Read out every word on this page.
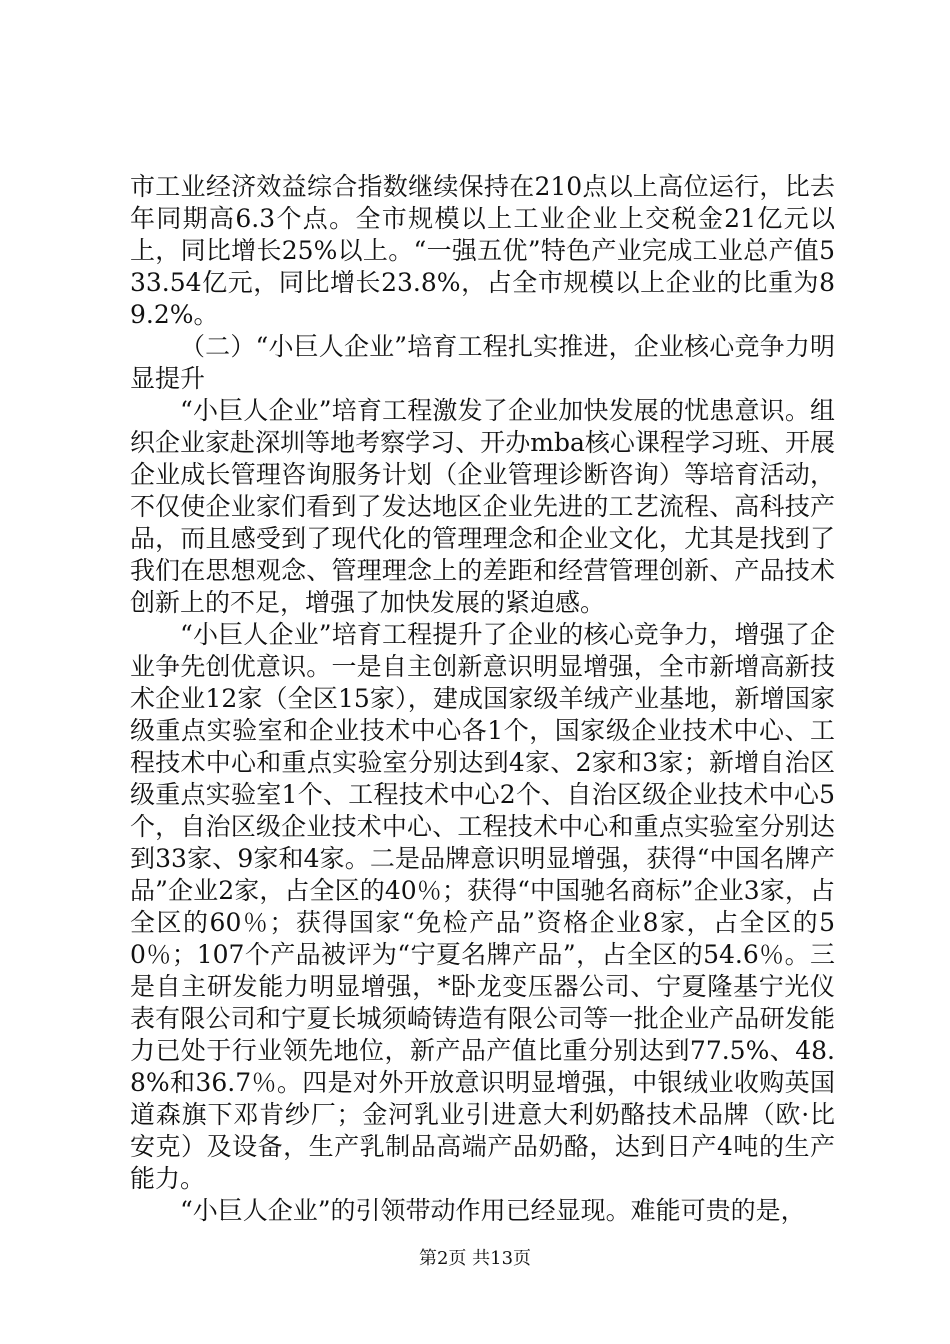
市工业经济效益综合指数继续保持在210点以上高位运行，比去年同期高6.3个点。全市规模以上工业企业上交税金21亿元以上，同比增长25%以上。“一强五优”特色产业完成工业总产值533.54亿元，同比增长23.8%，占全市规模以上企业的比重为89.2%。

（二）“小巨人企业”培育工程扎实推进，企业核心竞争力明显提升

“小巨人企业”培育工程激发了企业加快发展的忧患意识。组织企业家赴深圳等地考察学习、开办mba核心课程学习班、开展企业成长管理咨询服务计划（企业管理诊断咨询）等培育活动，不仅使企业家们看到了发达地区企业先进的工艺流程、高科技产品，而且感受到了现代化的管理理念和企业文化，尤其是找到了我们在思想观念、管理理念上的差距和经营管理创新、产品技术创新上的不足，增强了加快发展的紧迫感。

“小巨人企业”培育工程提升了企业的核心竞争力，增强了企业争先创优意识。一是自主创新意识明显增强，全市新增高新技术企业12家（全区15家），建成国家级羊绒产业基地，新增国家级重点实验室和企业技术中心各1个，国家级企业技术中心、工程技术中心和重点实验室分别达到4家、2家和3家；新增自治区级重点实验室1个、工程技术中心2个、自治区级企业技术中心5个，自治区级企业技术中心、工程技术中心和重点实验室分别达到33家、9家和4家。二是品牌意识明显增强，获得“中国名牌产品”企业2家，占全区的40％；获得“中国驰名商标”企业3家，占全区的60％；获得国家“免检产品”资格企业8家，占全区的50％；107个产品被评为“宁夏名牌产品”，占全区的54.6％。三是自主研发能力明显增强，*卧龙变压器公司、宁夏隆基宁光仪表有限公司和宁夏长城须崎铸造有限公司等一批企业产品研发能力已处于行业领先地位，新产品产值比重分别达到77.5%、48.8%和36.7％。四是对外开放意识明显增强，中银绒业收购英国道森旗下邓肯纱厂；金河乳业引进意大利奶酪技术品牌（欧·比安克）及设备，生产乳制品高端产品奶酪，达到日产4吨的生产能力。

“小巨人企业”的引领带动作用已经显现。难能可贵的是，

第2页 共13页
